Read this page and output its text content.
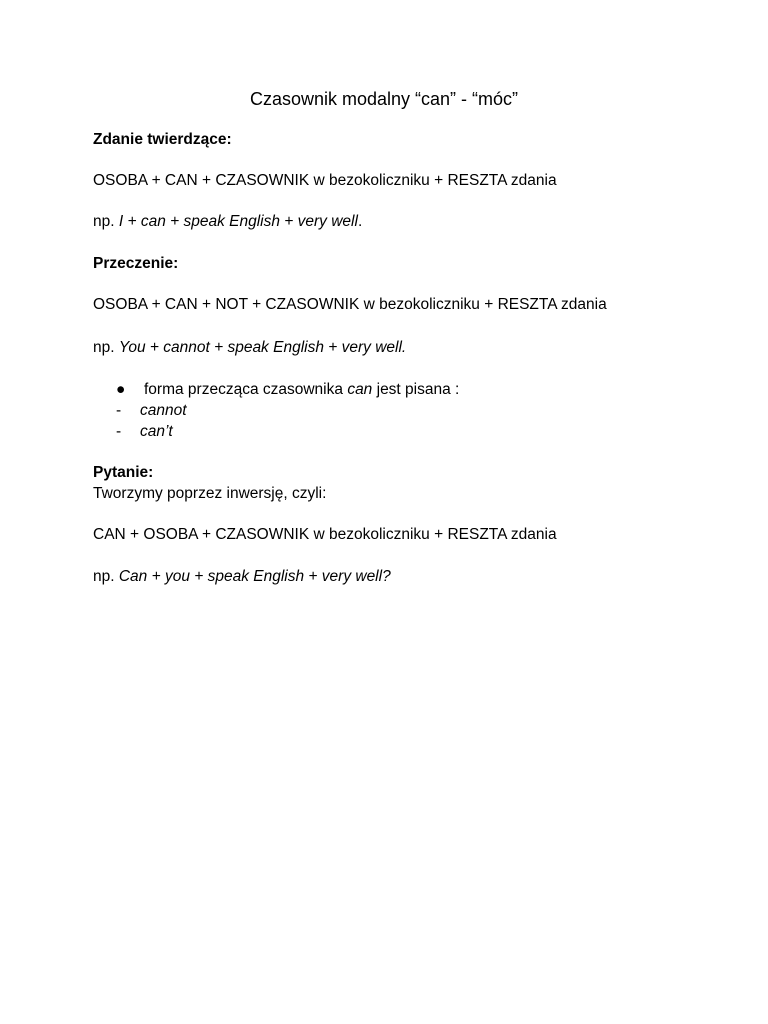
Czasownik modalny “can” - “móc”
Zdanie twierdzące:
OSOBA + CAN + CZASOWNIK w bezokoliczniku + RESZTA zdania
np. I + can + speak English + very well.
Przeczenie:
OSOBA + CAN + NOT + CZASOWNIK w bezokoliczniku + RESZTA zdania
np. You + cannot + speak English + very well.
● forma przecząca czasownika can jest pisana :
- cannot
- can’t
Pytanie:
Tworzymy poprzez inwersję, czyli:
CAN + OSOBA + CZASOWNIK w bezokoliczniku + RESZTA zdania
np. Can + you + speak English + very well?
